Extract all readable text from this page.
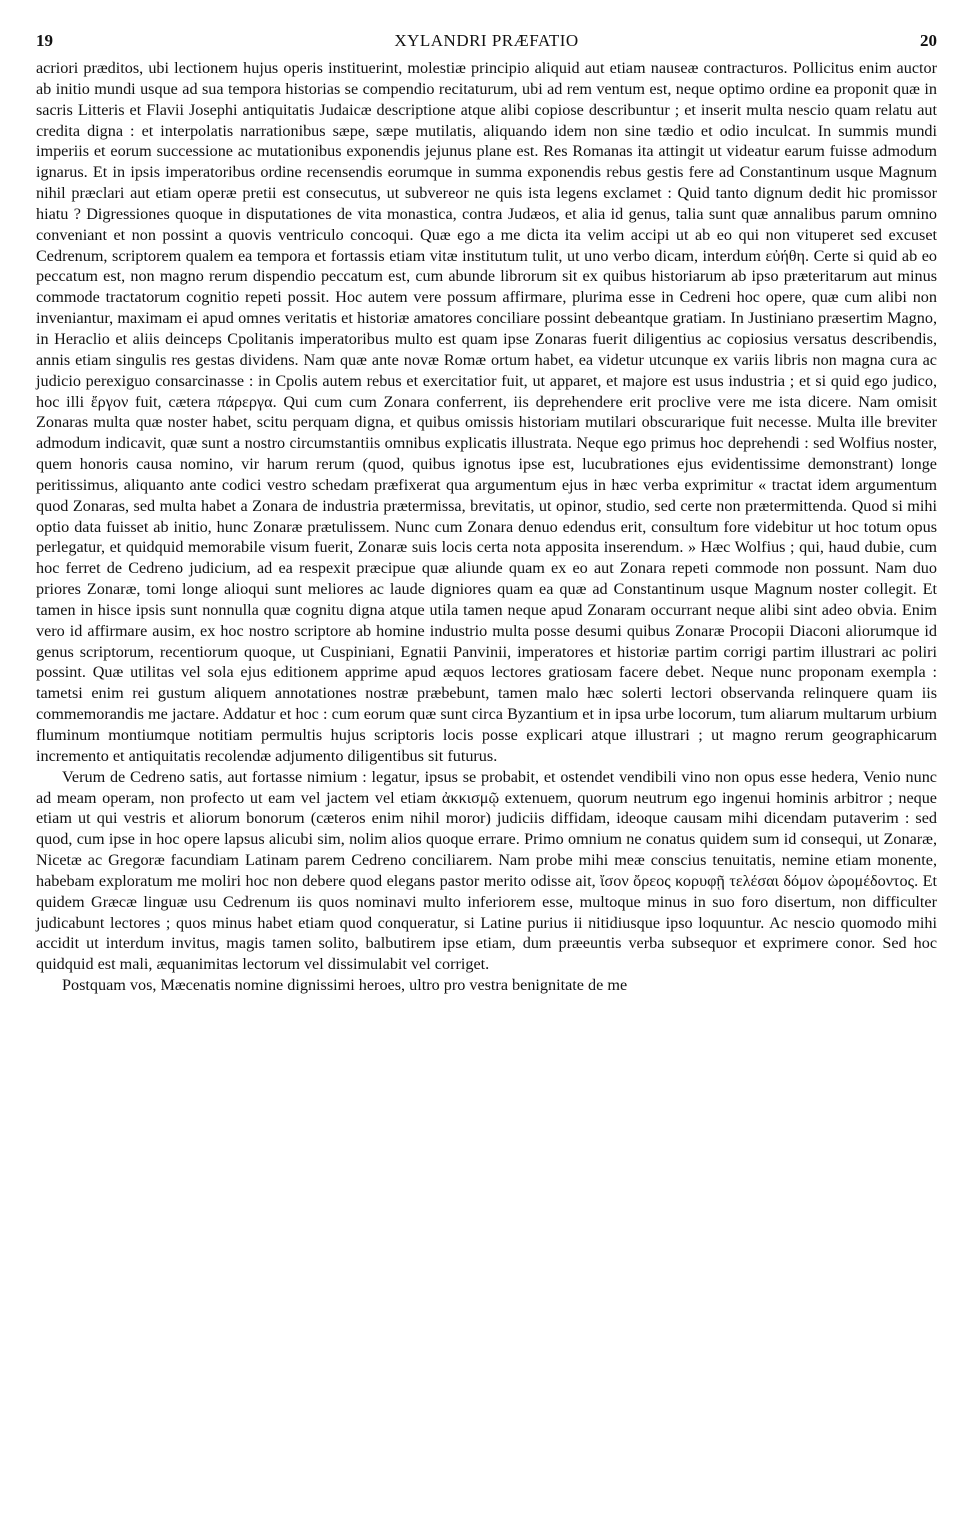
19	XYLANDRI PRÆFATIO	20

acriori præditos, ubi lectionem hujus operis instituerint, molestiæ principio aliquid aut etiam nauseæ contracturos. Pollicitus enim auctor ab initio mundi usque ad sua tempora historias se compendio recitaturum, ubi ad rem ventum est, neque optimo ordine ea proponit quæ in sacris Litteris et Flavii Josephi antiquitatis Judaicæ descriptione atque alibi copiose describuntur ; et inserit multa nescio quam relatu aut credita digna : et interpolatis narrationibus sæpe, sæpe mutilatis, aliquando idem non sine tædio et odio inculcat. In summis mundi imperiis et eorum successione ac mutationibus exponendis jejunus plane est. Res Romanas ita attingit ut videatur earum fuisse admodum ignarus. Et in ipsis imperatoribus ordine recensendis eorumque in summa exponendis rebus gestis fere ad Constantinum usque Magnum nihil præclari aut etiam operæ pretii est consecutus, ut subvereor ne quis ista legens exclamet : Quid tanto dignum dedit hic promissor hiatu ? Digressiones quoque in disputationes de vita monastica, contra Judæos, et alia id genus, talia sunt quæ annalibus parum omnino conveniant et non possint a quovis ventriculo concoqui. Quæ ego a me dicta ita velim accipi ut ab eo qui non vituperet sed excuset Cedrenum, scriptorem qualem ea tempora et fortassis etiam vitæ institutum tulit, ut uno verbo dicam, interdum εὐήθη. Certe si quid ab eo peccatum est, non magno rerum dispendio peccatum est, cum abunde librorum sit ex quibus historiarum ab ipso præteritarum aut minus commode tractatorum cognitio repeti possit. Hoc autem vere possum affirmare, plurima esse in Cedreni hoc opere, quæ cum alibi non inveniantur, maximam ei apud omnes veritatis et historiæ amatores conciliare possint debeantque gratiam. In Justiniano præsertim Magno, in Heraclio et aliis deinceps Cpolitanis imperatoribus multo est quam ipse Zonaras fuerit diligentius ac copiosius versatus describendis, annis etiam singulis res gestas dividens. Nam quæ ante novæ Romæ ortum habet, ea videtur utcunque ex variis libris non magna cura ac judicio perexiguo consarcinasse : in Cpolis autem rebus et exercitatior fuit, ut apparet, et majore est usus industria ; et si quid ego judico, hoc illi ἔργον fuit, cætera πάρεργα. Qui cum cum Zonara conferrent, iis deprehendere erit proclive vere me ista dicere. Nam omisit Zonaras multa quæ noster habet, scitu perquam digna, et quibus omissis historiam mutilari obscurarique fuit necesse. Multa ille breviter admodum indicavit, quæ sunt a nostro circumstantiis omnibus explicatis illustrata. Neque ego primus hoc deprehendi : sed Wolfius noster, quem honoris causa nomino, vir harum rerum (quod, quibus ignotus ipse est, lucubrationes ejus evidentissime demonstrant) longe peritissimus, aliquanto ante codici vestro schedam præfixerat qua argumentum ejus in hæc verba exprimitur « tractat idem argumentum quod Zonaras, sed multa habet a Zonara de industria prætermissa, brevitatis, ut opinor, studio, sed certe non prætermittenda. Quod si mihi optio data fuisset ab initio, hunc Zonaræ prætulissem. Nunc cum Zonara denuo edendus erit, consultum fore videbitur ut hoc totum opus perlegatur, et quidquid memorabile visum fuerit, Zonaræ suis locis certa nota apposita inserendum. » Hæc Wolfius ; qui, haud dubie, cum hoc ferret de Cedreno judicium, ad ea respexit præcipue quæ aliunde quam ex eo aut Zonara repeti commode non possunt. Nam duo priores Zonaræ, tomi longe alioqui sunt meliores ac laude digniores quam ea quæ ad Constantinum usque Magnum noster collegit. Et tamen in hisce ipsis sunt nonnulla quæ cognitu digna atque utila tamen neque apud Zonaram occurrant neque alibi sint adeo obvia. Enim vero id affirmare ausim, ex hoc nostro scriptore ab homine industrio multa posse desumi quibus Zonaræ Procopii Diaconi aliorumque id genus scriptorum, recentiorum quoque, ut Cuspiniani, Egnatii Panvinii, imperatores et historiæ partim corrigi partim illustrari ac poliri possint. Quæ utilitas vel sola ejus editionem apprime apud æquos lectores gratiosam facere debet. Neque nunc proponam exempla : tametsi enim rei gustum aliquem annotationes nostræ præbebunt, tamen malo hæc solerti lectori observanda relinquere quam iis commemorandis me jactare. Addatur et hoc : cum eorum quæ sunt circa Byzantium et in ipsa urbe locorum, tum aliarum multarum urbium fluminum montiumque notitiam permultis hujus scriptoris locis posse explicari atque illustrari ; ut magno rerum geographicarum incremento et antiquitatis recolendæ adjumento diligentibus sit futurus.

Verum de Cedreno satis, aut fortasse nimium : legatur, ipsus se probabit, et ostendet vendibili vino non opus esse hedera, Venio nunc ad meam operam, non profecto ut eam vel jactem vel etiam ἀκκισμῷ extenuem, quorum neutrum ego ingenui hominis arbitror ; neque etiam ut qui vestris et aliorum bonorum (cæteros enim nihil moror) judiciis diffidam, ideoque causam mihi dicendam putaverim : sed quod, cum ipse in hoc opere lapsus alicubi sim, nolim alios quoque errare. Primo omnium ne conatus quidem sum id consequi, ut Zonaræ, Nicetæ ac Gregoræ facundiam Latinam parem Cedreno conciliarem. Nam probe mihi meæ conscius tenuitatis, nemine etiam monente, habebam exploratum me moliri hoc non debere quod elegans pastor merito odisse ait, ἴσον ὄρεος κορυφῇ τελέσαι δόμον ὠρομέδοντος. Et quidem Græcæ linguæ usu Cedrenum iis quos nominavi multo inferiorem esse, multoque minus in suo foro disertum, non difficulter judicabunt lectores ; quos minus habet etiam quod conqueratur, si Latine purius ii nitidiusque ipso loquuntur. Ac nescio quomodo mihi accidit ut interdum invitus, magis tamen solito, balbutirem ipse etiam, dum præeuntis verba subsequor et exprimere conor. Sed hoc quidquid est mali, æquanimitas lectorum vel dissimulabit vel corriget.

Postquam vos, Mæcenatis nomine dignissimi heroes, ultro pro vestra benignitate de me
